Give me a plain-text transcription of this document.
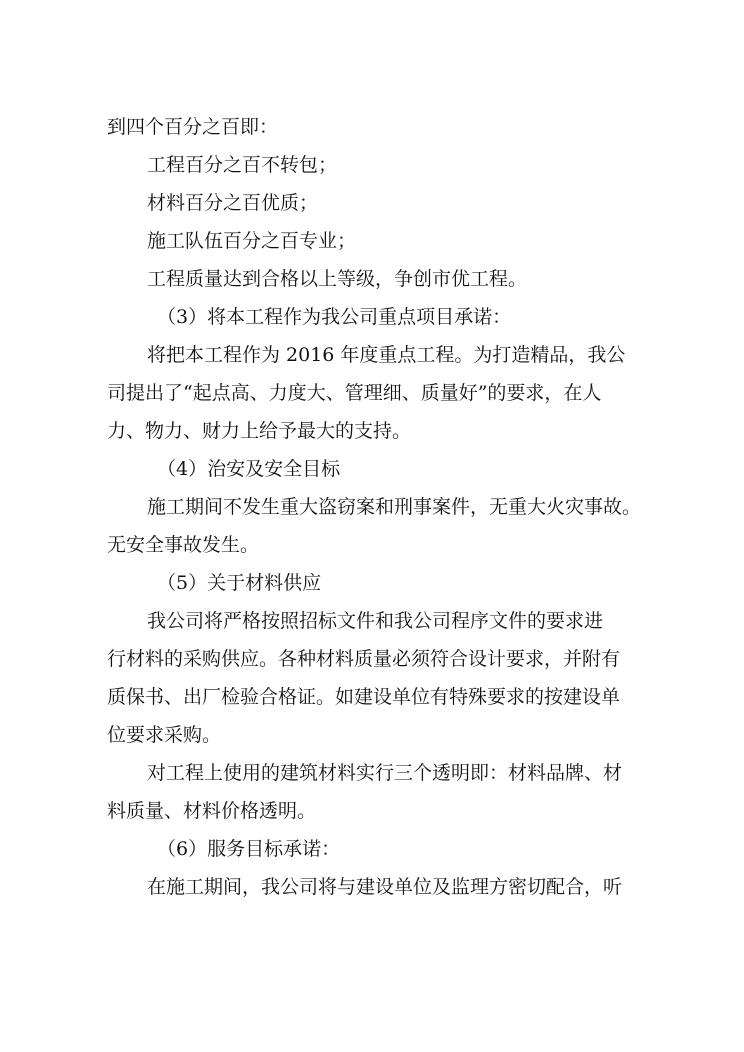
到四个百分之百即：
工程百分之百不转包；
材料百分之百优质；
施工队伍百分之百专业；
工程质量达到合格以上等级，争创市优工程。
（3）将本工程作为我公司重点项目承诺：
将把本工程作为 2016 年度重点工程。为打造精品，我公
司提出了“起点高、力度大、管理细、质量好”的要求，在人
力、物力、财力上给予最大的支持。
（4）治安及安全目标
施工期间不发生重大盗窃案和刑事案件，无重大火灾事故。
无安全事故发生。
（5）关于材料供应
我公司将严格按照招标文件和我公司程序文件的要求进
行材料的采购供应。各种材料质量必须符合设计要求，并附有
质保书、出厂检验合格证。如建设单位有特殊要求的按建设单
位要求采购。
对工程上使用的建筑材料实行三个透明即：材料品牌、材
料质量、材料价格透明。
（6）服务目标承诺：
在施工期间，我公司将与建设单位及监理方密切配合，听
